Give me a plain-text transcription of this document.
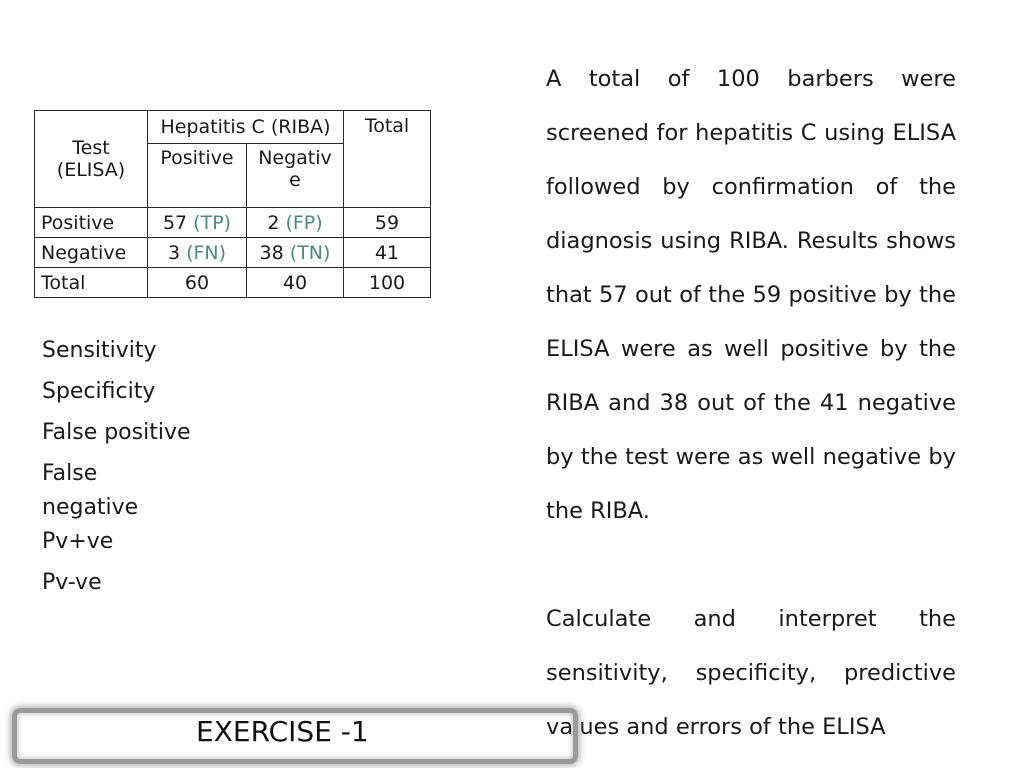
Test (ELISA)	Hepatitis C (RIBA)		Total
	Positive	Negativ e	
Positive	57 (TP)	2 (FP)	59
Negative	3 (FN)	38 (TN)	41
Total	60	40	100
Sensitivity
Specificity
False positive
False negative
Pv+ve
Pv-ve

A total of 100 barbers were screened for hepatitis C using ELISA followed by confirmation of the diagnosis using RIBA. Results shows that 57 out of the 59 positive by the ELISA were as well positive by the RIBA and 38 out of the 41 negative by the test were as well negative by the RIBA.

Calculate and interpret the sensitivity, specificity, predictive values and errors of the ELISA

EXERCISE -1
